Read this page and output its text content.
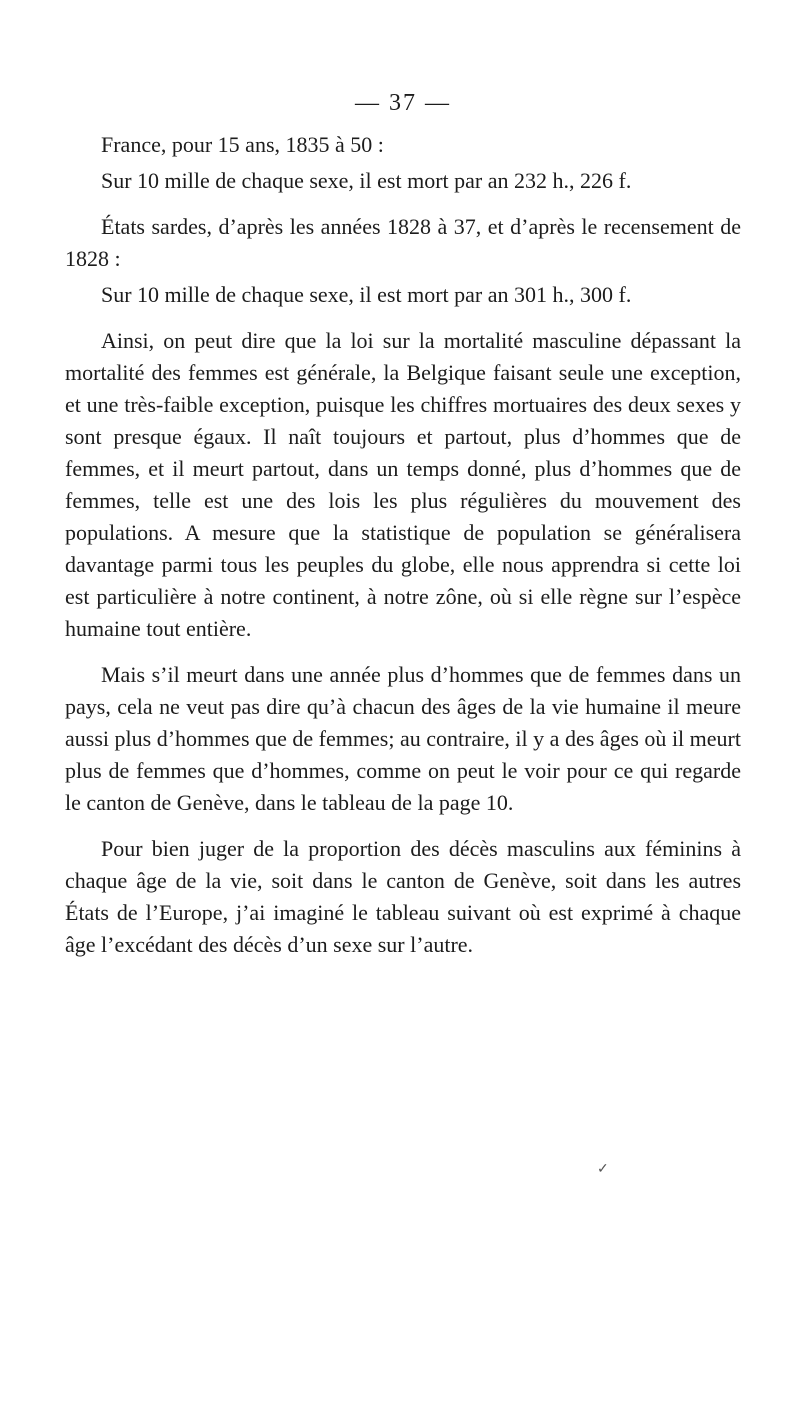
— 37 —

France, pour 15 ans, 1835 à 50 :

Sur 10 mille de chaque sexe, il est mort par an 232 h., 226 f.

États sardes, d’après les années 1828 à 37, et d’après le recensement de 1828 :

Sur 10 mille de chaque sexe, il est mort par an 301 h., 300 f.

Ainsi, on peut dire que la loi sur la mortalité masculine dépassant la mortalité des femmes est générale, la Belgique faisant seule une exception, et une très-faible exception, puisque les chiffres mortuaires des deux sexes y sont presque égaux. Il naît toujours et partout, plus d’hommes que de femmes, et il meurt partout, dans un temps donné, plus d’hommes que de femmes, telle est une des lois les plus régulières du mouvement des populations. A mesure que la statistique de population se généralisera davantage parmi tous les peuples du globe, elle nous apprendra si cette loi est particulière à notre continent, à notre zône, où si elle règne sur l’espèce humaine tout entière.

Mais s’il meurt dans une année plus d’hommes que de femmes dans un pays, cela ne veut pas dire qu’à chacun des âges de la vie humaine il meure aussi plus d’hommes que de femmes; au contraire, il y a des âges où il meurt plus de femmes que d’hommes, comme on peut le voir pour ce qui regarde le canton de Genève, dans le tableau de la page 10.

Pour bien juger de la proportion des décès masculins aux féminins à chaque âge de la vie, soit dans le canton de Genève, soit dans les autres États de l’Europe, j’ai imaginé le tableau suivant où est exprimé à chaque âge l’excédant des décès d’un sexe sur l’autre.

✓
